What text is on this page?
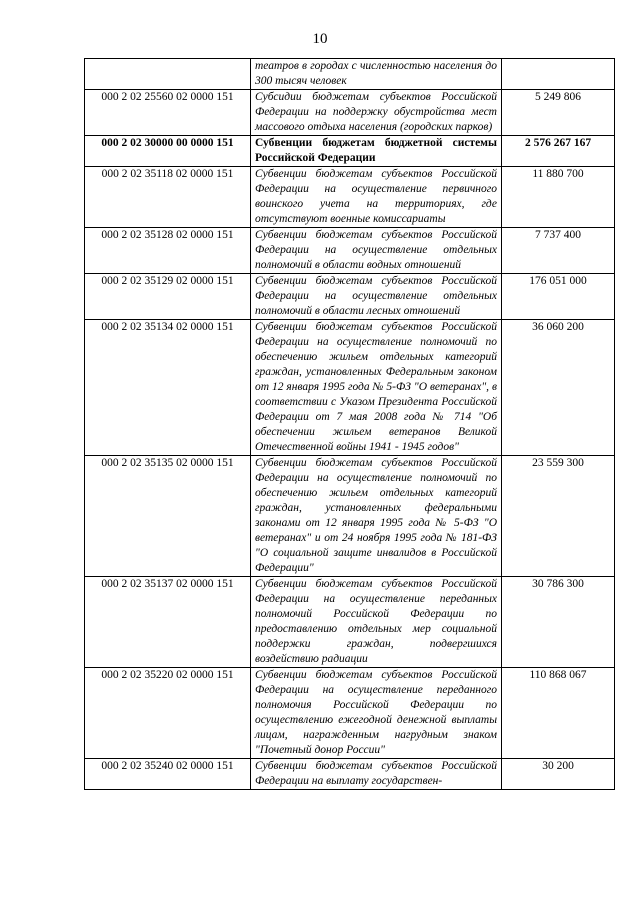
10
	театров в городах с численностью населения до 300 тысяч человек	
000 2 02 25560 02 0000 151	Субсидии бюджетам субъектов Российской Федерации на поддержку обустройства мест массового отдыха населения (городских парков)	5 249 806
000 2 02 30000 00 0000 151	Субвенции бюджетам бюджетной системы Российской Федерации	2 576 267 167
000 2 02 35118 02 0000 151	Субвенции бюджетам субъектов Российской Федерации на осуществление первичного воинского учета на территориях, где отсутствуют военные комиссариаты	11 880 700
000 2 02 35128 02 0000 151	Субвенции бюджетам субъектов Российской Федерации на осуществление отдельных полномочий в области водных отношений	7 737 400
000 2 02 35129 02 0000 151	Субвенции бюджетам субъектов Российской Федерации на осуществление отдельных полномочий в области лесных отношений	176 051 000
000 2 02 35134 02 0000 151	Субвенции бюджетам субъектов Российской Федерации на осуществление полномочий по обеспечению жильем отдельных категорий граждан, установленных Федеральным законом от 12 января 1995 года № 5-ФЗ "О ветеранах", в соответствии с Указом Президента Российской Федерации от 7 мая 2008 года № 714 "Об обеспечении жильем ветеранов Великой Отечественной войны 1941 - 1945 годов"	36 060 200
000 2 02 35135 02 0000 151	Субвенции бюджетам субъектов Российской Федерации на осуществление полномочий по обеспечению жильем отдельных категорий граждан, установленных федеральными законами от 12 января 1995 года № 5-ФЗ "О ветеранах" и от 24 ноября 1995 года № 181-ФЗ "О социальной защите инвалидов в Российской Федерации"	23 559 300
000 2 02 35137 02 0000 151	Субвенции бюджетам субъектов Российской Федерации на осуществление переданных полномочий Российской Федерации по предоставлению отдельных мер социальной поддержки граждан, подвергшихся воздействию радиации	30 786 300
000 2 02 35220 02 0000 151	Субвенции бюджетам субъектов Российской Федерации на осуществление переданного полномочия Российской Федерации по осуществлению ежегодной денежной выплаты лицам, награжденным нагрудным знаком "Почетный донор России"	110 868 067
000 2 02 35240 02 0000 151	Субвенции бюджетам субъектов Российской Федерации на выплату государствен-	30 200
